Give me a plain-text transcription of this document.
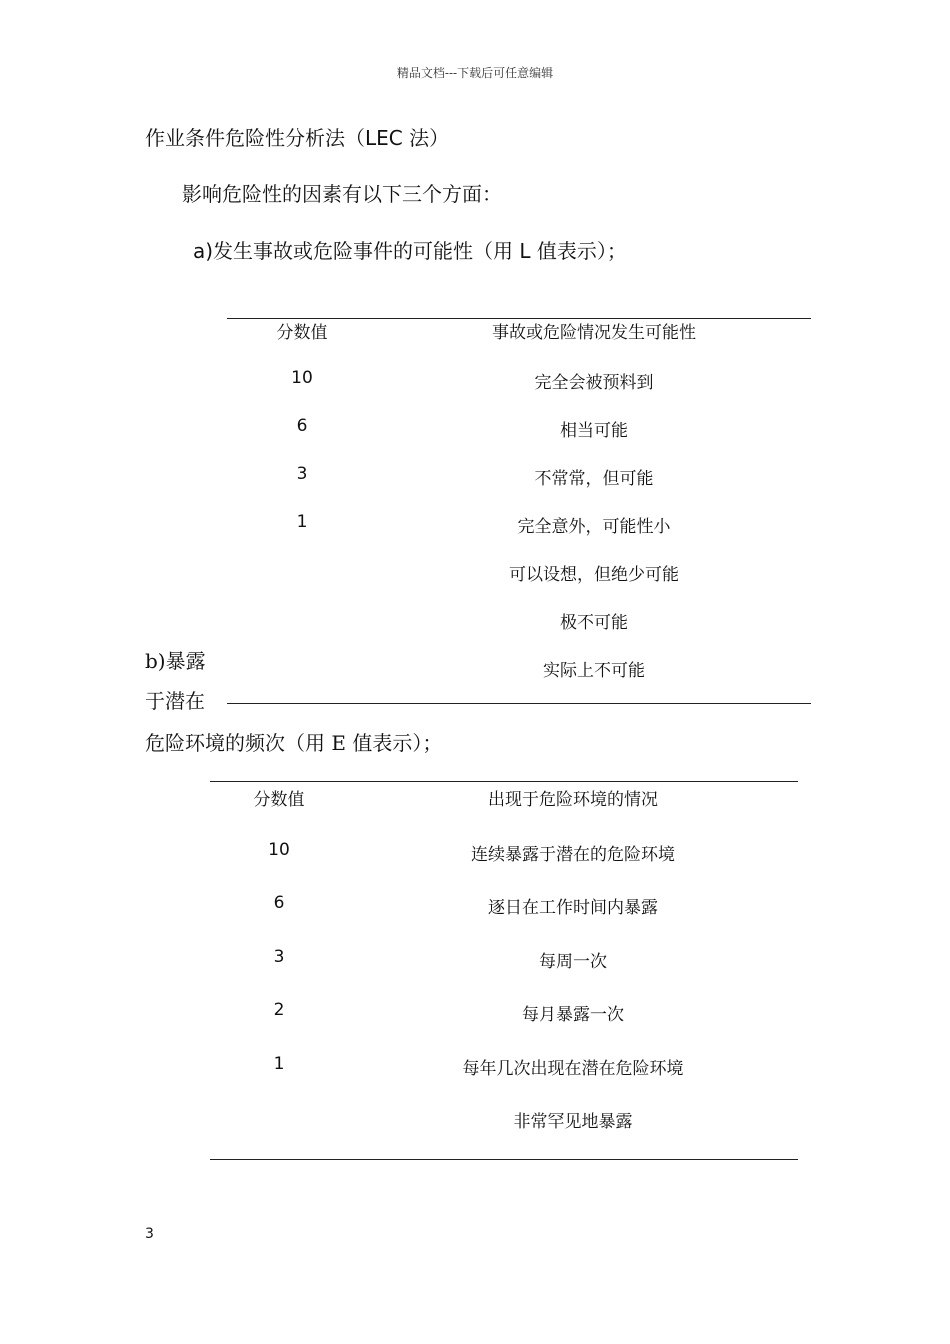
精品文档---下载后可任意编辑
作业条件危险性分析法（LEC 法）
影响危险性的因素有以下三个方面：
a)发生事故或危险事件的可能性（用 L 值表示）；
分数值	事故或危险情况发生可能性
10
6
3
1
完全会被预料到
相当可能
不常常，但可能
完全意外，可能性小
可以设想，但绝少可能
极不可能
实际上不可能
b)暴露
于潜在
危险环境的频次（用 E 值表示）；
分数值	出现于危险环境的情况
10
6
3
2
1
连续暴露于潜在的危险环境
逐日在工作时间内暴露
每周一次
每月暴露一次
每年几次出现在潜在危险环境
非常罕见地暴露
3
